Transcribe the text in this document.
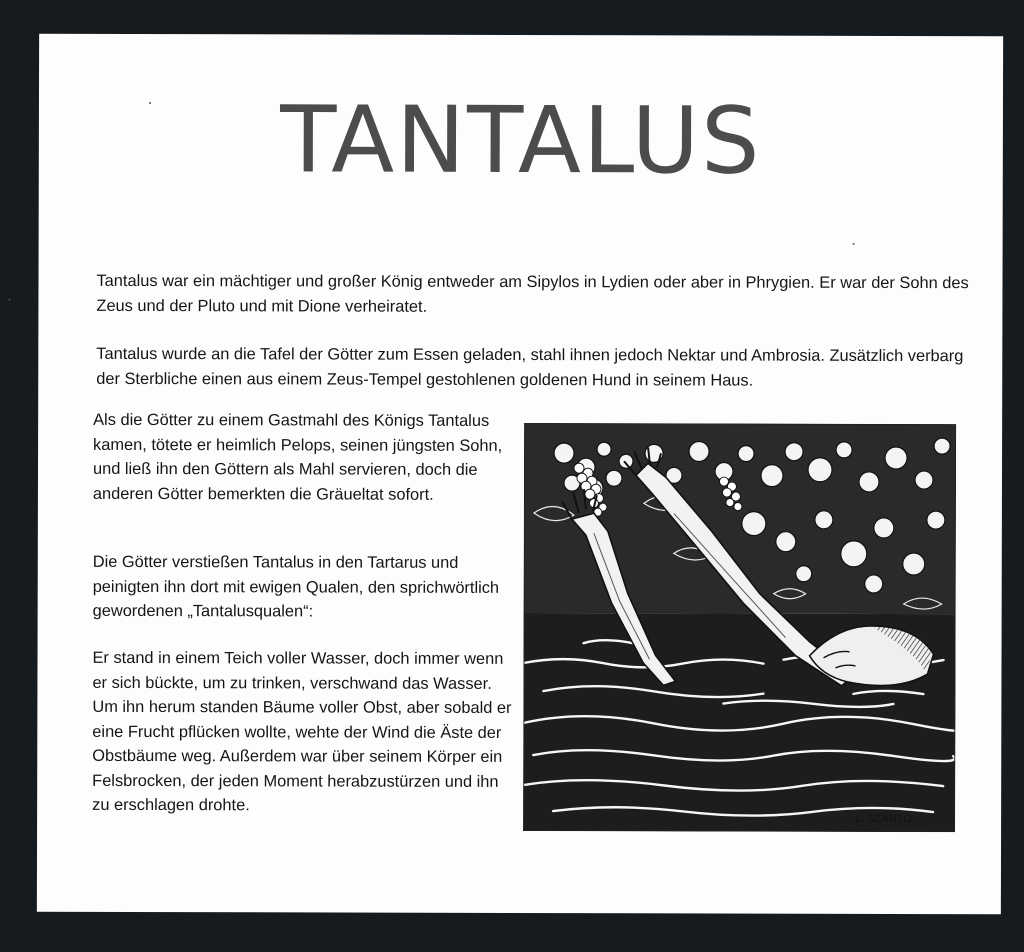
TANTALUS
Tantalus war ein mächtiger und großer König entweder am Sipylos in Lydien oder aber in Phrygien. Er war der Sohn des Zeus und der Pluto und mit Dione verheiratet.
Tantalus wurde an die Tafel der Götter zum Essen geladen, stahl ihnen jedoch Nektar und Ambrosia. Zusätzlich verbarg der Sterbliche einen aus einem Zeus-Tempel gestohlenen goldenen Hund in seinem Haus.
Als die Götter zu einem Gastmahl des Königs Tantalus kamen, tötete er heimlich Pelops, seinen jüngsten Sohn, und ließ ihn den Göttern als Mahl servieren, doch die anderen Götter bemerkten die Gräueltat sofort.
Die Götter verstießen Tantalus in den Tartarus und peinigten ihn dort mit ewigen Qualen, den sprichwörtlich gewordenen „Tantalusqualen“:
Er stand in einem Teich voller Wasser, doch immer wenn er sich bückte, um zu trinken, verschwand das Wasser. Um ihn herum standen Bäume voller Obst, aber sobald er eine Frucht pflücken wollte, wehte der Wind die Äste der Obstbäume weg. Außerdem war über seinem Körper ein Felsbrocken, der jeden Moment herabzustürzen und ihn zu erschlagen drohte.
L. SZANTO
